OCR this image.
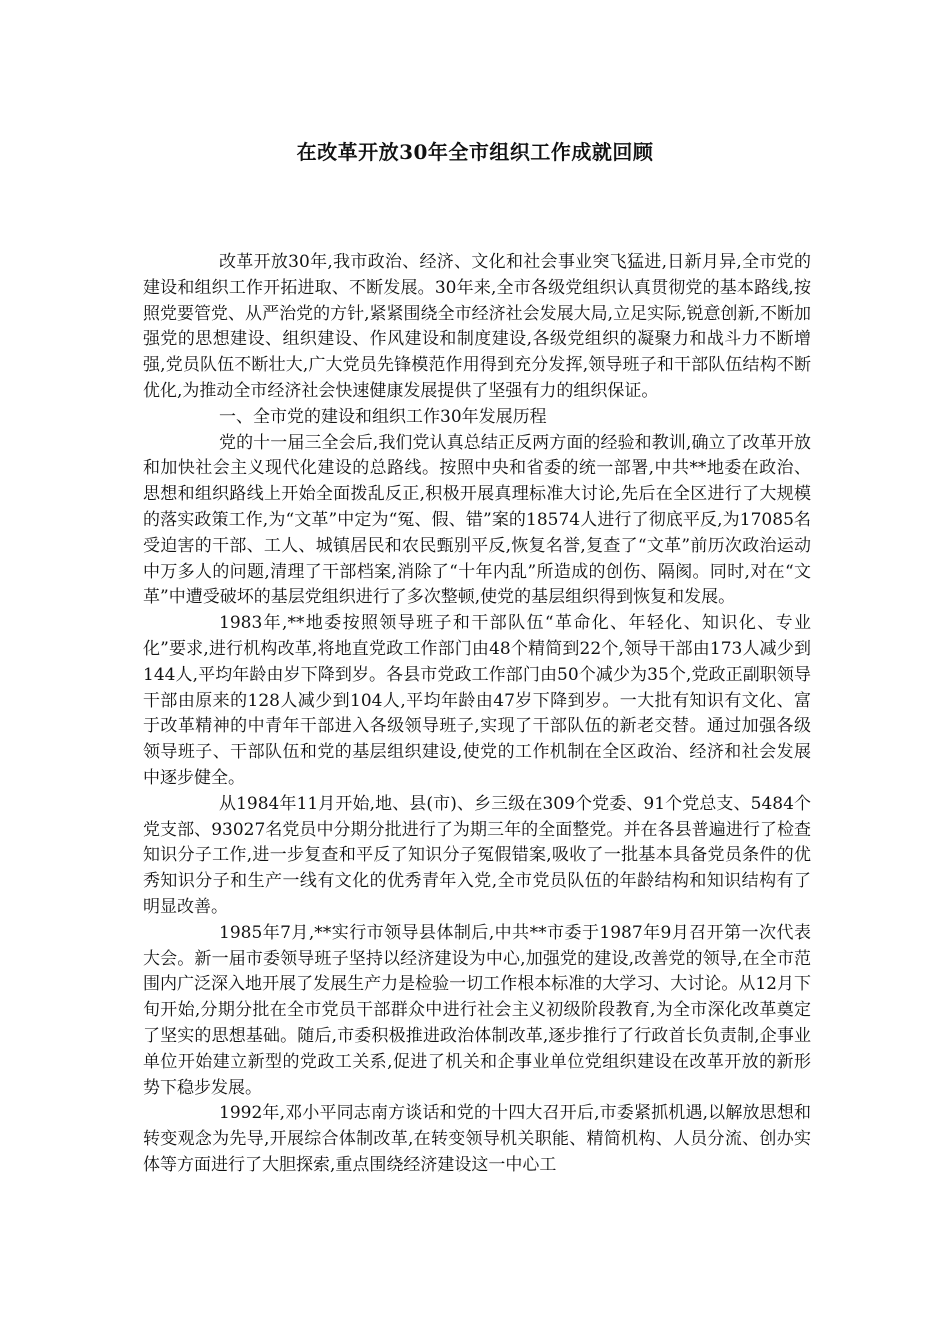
在改革开放30年全市组织工作成就回顾

改革开放30年,我市政治、经济、文化和社会事业突飞猛进,日新月异,全市党的建设和组织工作开拓进取、不断发展。30年来,全市各级党组织认真贯彻党的基本路线,按照党要管党、从严治党的方针,紧紧围绕全市经济社会发展大局,立足实际,锐意创新,不断加强党的思想建设、组织建设、作风建设和制度建设,各级党组织的凝聚力和战斗力不断增强,党员队伍不断壮大,广大党员先锋模范作用得到充分发挥,领导班子和干部队伍结构不断优化,为推动全市经济社会快速健康发展提供了坚强有力的组织保证。

一、全市党的建设和组织工作30年发展历程

党的十一届三全会后,我们党认真总结正反两方面的经验和教训,确立了改革开放和加快社会主义现代化建设的总路线。按照中央和省委的统一部署,中共**地委在政治、思想和组织路线上开始全面拨乱反正,积极开展真理标准大讨论,先后在全区进行了大规模的落实政策工作,为“文革”中定为“冤、假、错”案的18574人进行了彻底平反,为17085名受迫害的干部、工人、城镇居民和农民甄别平反,恢复名誉,复查了“文革”前历次政治运动中万多人的问题,清理了干部档案,消除了“十年内乱”所造成的创伤、隔阂。同时,对在“文革”中遭受破坏的基层党组织进行了多次整顿,使党的基层组织得到恢复和发展。

1983年,**地委按照领导班子和干部队伍“革命化、年轻化、知识化、专业化”要求,进行机构改革,将地直党政工作部门由48个精简到22个,领导干部由173人减少到144人,平均年龄由岁下降到岁。各县市党政工作部门由50个减少为35个,党政正副职领导干部由原来的128人减少到104人,平均年龄由47岁下降到岁。一大批有知识有文化、富于改革精神的中青年干部进入各级领导班子,实现了干部队伍的新老交替。通过加强各级领导班子、干部队伍和党的基层组织建设,使党的工作机制在全区政治、经济和社会发展中逐步健全。

从1984年11月开始,地、县(市)、乡三级在309个党委、91个党总支、5484个党支部、93027名党员中分期分批进行了为期三年的全面整党。并在各县普遍进行了检查知识分子工作,进一步复查和平反了知识分子冤假错案,吸收了一批基本具备党员条件的优秀知识分子和生产一线有文化的优秀青年入党,全市党员队伍的年龄结构和知识结构有了明显改善。

1985年7月,**实行市领导县体制后,中共**市委于1987年9月召开第一次代表大会。新一届市委领导班子坚持以经济建设为中心,加强党的建设,改善党的领导,在全市范围内广泛深入地开展了发展生产力是检验一切工作根本标准的大学习、大讨论。从12月下旬开始,分期分批在全市党员干部群众中进行社会主义初级阶段教育,为全市深化改革奠定了坚实的思想基础。随后,市委积极推进政治体制改革,逐步推行了行政首长负责制,企事业单位开始建立新型的党政工关系,促进了机关和企事业单位党组织建设在改革开放的新形势下稳步发展。

1992年,邓小平同志南方谈话和党的十四大召开后,市委紧抓机遇,以解放思想和转变观念为先导,开展综合体制改革,在转变领导机关职能、精简机构、人员分流、创办实体等方面进行了大胆探索,重点围绕经济建设这一中心工
